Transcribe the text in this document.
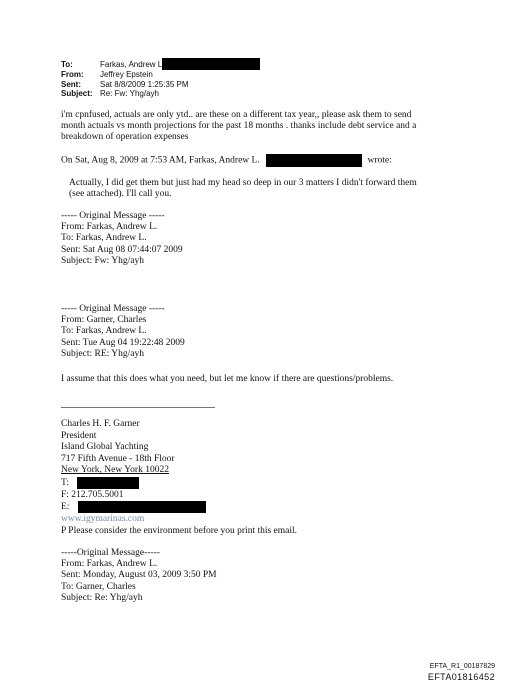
To:	Farkas, Andrew L
From:	Jeffrey Epstein
Sent:	Sat 8/8/2009 1:25:35 PM
Subject: Re: Fw: Yhg/ayh
i'm cpnfused, actuals are only ytd.. are these on a different tax year,, please ask them to send
month actuals vs month projections for the past 18 months . thanks include debt service and a
breakdown of operation expenses
On Sat, Aug 8, 2009 at 7:53 AM, Farkas, Andrew L.	wrote:
Actually, I did get them but just had my head so deep in our 3 matters I didn't forward them
(see attached). I'll call you.
----- Original Message -----
From: Farkas, Andrew L.
To: Farkas, Andrew L.
Sent: Sat Aug 08 07:44:07 2009
Subject: Fw: Yhg/ayh
----- Original Message -----
From: Garner, Charles
To: Farkas, Andrew L.
Sent: Tue Aug 04 19:22:48 2009
Subject: RE: Yhg/ayh
I assume that this does what you need, but let me know if there are questions/problems.
Charles H. F. Garner
President
Island Global Yachting
717 Fifth Avenue - 18th Floor
New York, New York 10022
T:
F: 212.705.5001
E:
www.igymarinas.com
P Please consider the environment before you print this email.
-----Original Message-----
From: Farkas, Andrew L.
Sent: Monday, August 03, 2009 3:50 PM
To: Garner, Charles
Subject: Re: Yhg/ayh
EFTA_R1_00187829
EFTA01816452
